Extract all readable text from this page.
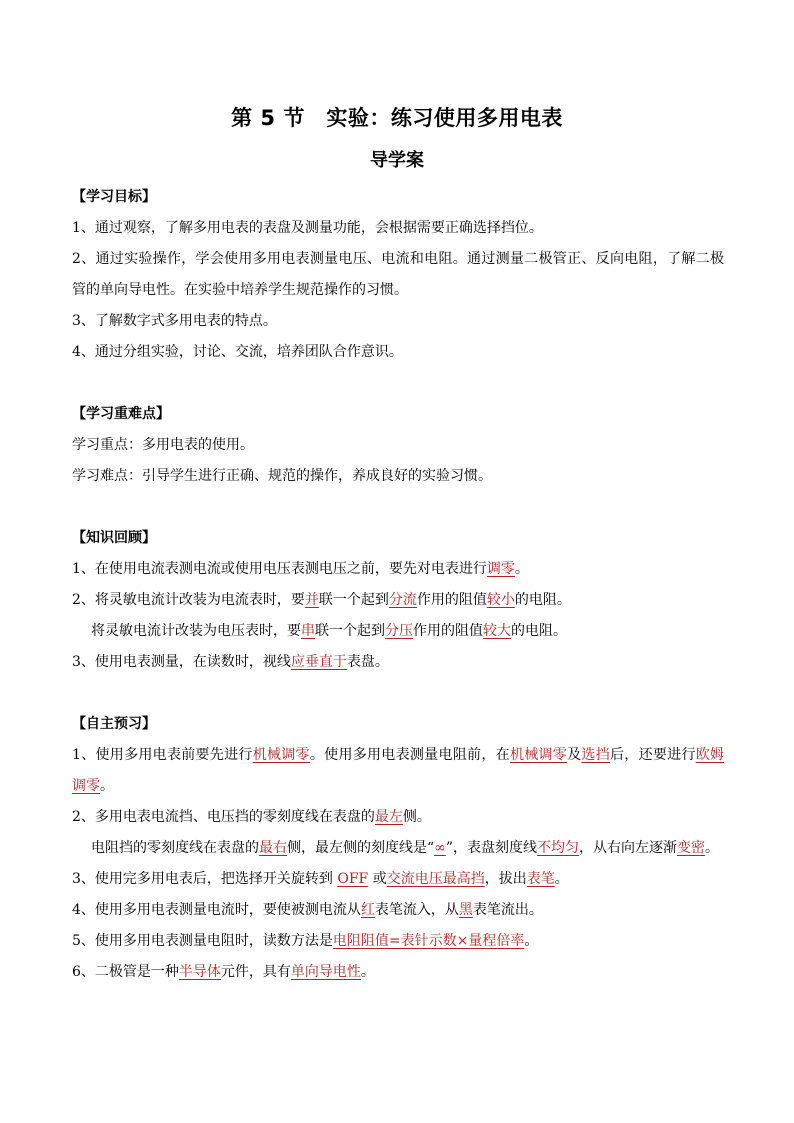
第 5 节　实验：练习使用多用电表
导学案
【学习目标】
1、通过观察，了解多用电表的表盘及测量功能，会根据需要正确选择挡位。
2、通过实验操作，学会使用多用电表测量电压、电流和电阻。通过测量二极管正、反向电阻，了解二极管的单向导电性。在实验中培养学生规范操作的习惯。
3、了解数字式多用电表的特点。
4、通过分组实验，讨论、交流，培养团队合作意识。
【学习重难点】
学习重点：多用电表的使用。
学习难点：引导学生进行正确、规范的操作，养成良好的实验习惯。
【知识回顾】
1、在使用电流表测电流或使用电压表测电压之前，要先对电表进行调零。
2、将灵敏电流计改装为电流表时，要并联一个起到分流作用的阻值较小的电阻。
将灵敏电流计改装为电压表时，要串联一个起到分压作用的阻值较大的电阻。
3、使用电表测量，在读数时，视线应垂直于表盘。
【自主预习】
1、使用多用电表前要先进行机械调零。使用多用电表测量电阻前，在机械调零及选挡后，还要进行欧姆调零。
2、多用电表电流挡、电压挡的零刻度线在表盘的最左侧。
电阻挡的零刻度线在表盘的最右侧，最左侧的刻度线是“∞”，表盘刻度线不均匀，从右向左逐渐变密。
3、使用完多用电表后，把选择开关旋转到 OFF 或交流电压最高挡，拔出表笔。
4、使用多用电表测量电流时，要使被测电流从红表笔流入，从黑表笔流出。
5、使用多用电表测量电阻时，读数方法是电阻阻值=表针示数×量程倍率。
6、二极管是一种半导体元件，具有单向导电性。
